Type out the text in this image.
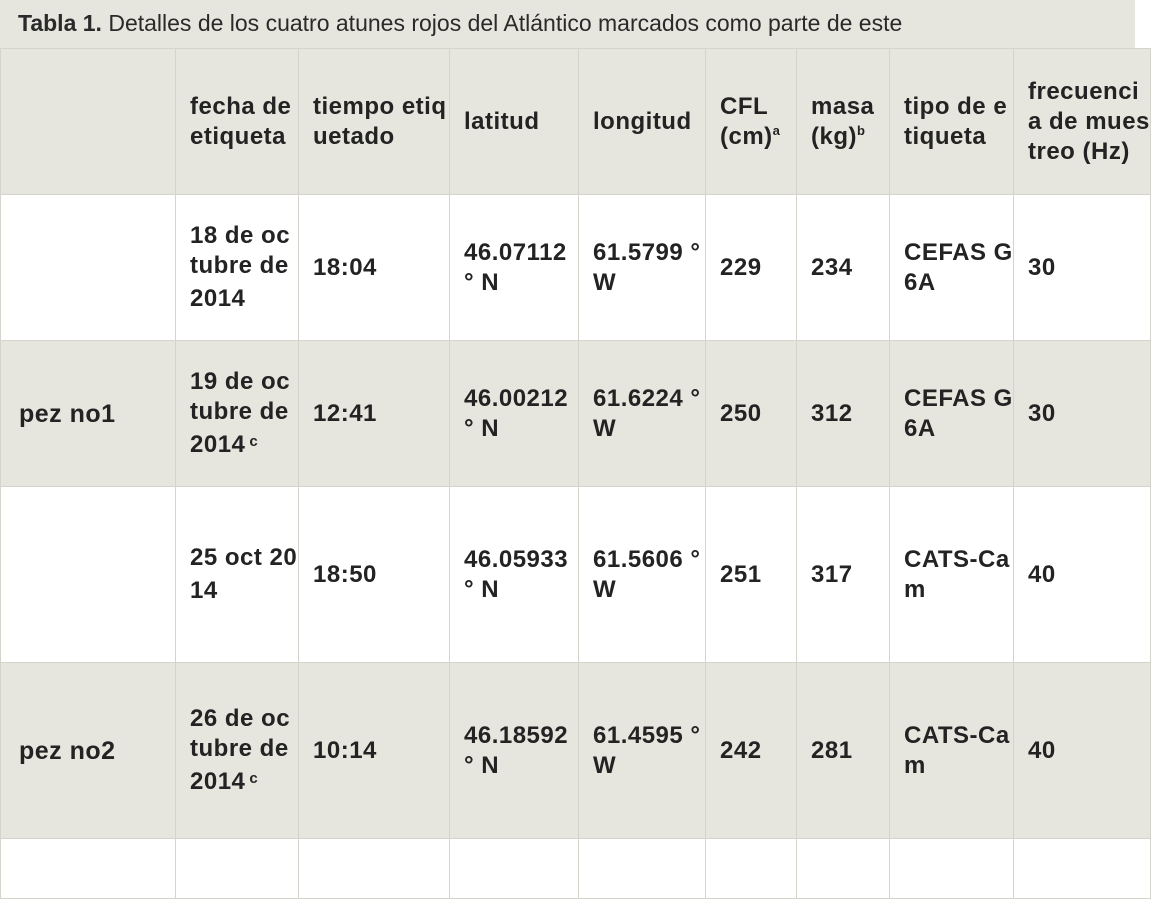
Tabla 1. Detalles de los cuatro atunes rojos del Atlántico marcados como parte de este
	fecha de etiqueta	tiempo etiquetado	latitud	longitud	CFL (cm)$^a$	masa (kg)$^b$	tipo de etiqueta	frecuencia de muestreo (Hz)
	18 de octubre de 2014	18:04	46.07112 ° N	61.5799 ° W	229	234	CEFAS G6A	30
pez no1	19 de octubre de 2014 $^c$	12:41	46.00212 ° N	61.6224 ° W	250	312	CEFAS G6A	30
	25 oct 2014	18:50	46.05933 ° N	61.5606 ° W	251	317	CATS-Cam	40
pez no2	26 de octubre de 2014 $^c$	10:14	46.18592 ° N	61.4595 ° W	242	281	CATS-Cam	40
